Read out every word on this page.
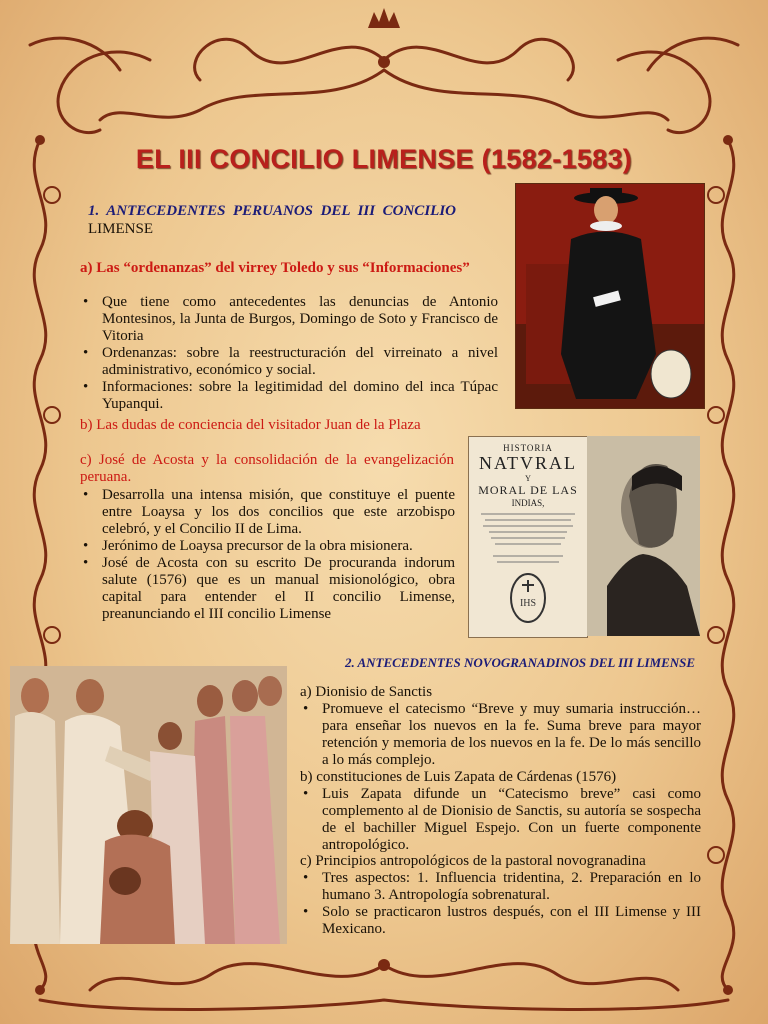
EL III CONCILIO LIMENSE (1582-1583)
1. ANTECEDENTES PERUANOS DEL III CONCILIO LIMENSE
a) Las “ordenanzas” del virrey Toledo y sus “Informaciones”
• Que tiene como antecedentes las denuncias de Antonio Montesinos, la Junta de Burgos, Domingo de Soto y Francisco de Vitoria
• Ordenanzas: sobre la reestructuración del virreinato a nivel administrativo, económico y social.
• Informaciones: sobre la legitimidad del domino del inca Túpac Yupanqui.
b) Las dudas de conciencia del visitador Juan de la Plaza
c) José de Acosta y la consolidación de la evangelización peruana.
• Desarrolla una intensa misión, que constituye el puente entre Loaysa y los dos concilios que este arzobispo celebró, y el Concilio II de Lima.
• Jerónimo de Loaysa precursor de la obra misionera.
• José de Acosta con su escrito De procuranda indorum salute (1576) que es un manual misionológico, obra capital para entender el II concilio Limense, preanunciando el III concilio Limense
HISTORIA
NATVRAL
Y
MORAL DE LAS
INDIAS,
IHS
2. ANTECEDENTES NOVOGRANADINOS DEL III LIMENSE
a) Dionisio de Sanctis
• Promueve el catecismo “Breve y muy sumaria instrucción… para enseñar los nuevos en la fe. Suma breve para mayor retención y memoria de los nuevos en la fe. De lo más sencillo a lo más complejo.
b) constituciones de Luis Zapata de Cárdenas (1576)
• Luis Zapata difunde un “Catecismo breve” casi como complemento al de Dionisio de Sanctis, su autoría se sospecha de el bachiller Miguel Espejo. Con un fuerte componente antropológico.
c) Principios antropológicos de la pastoral novogranadina
• Tres aspectos: 1. Influencia tridentina, 2. Preparación en lo humano 3. Antropología sobrenatural.
• Solo se practicaron lustros después, con el III Limense y III Mexicano.
